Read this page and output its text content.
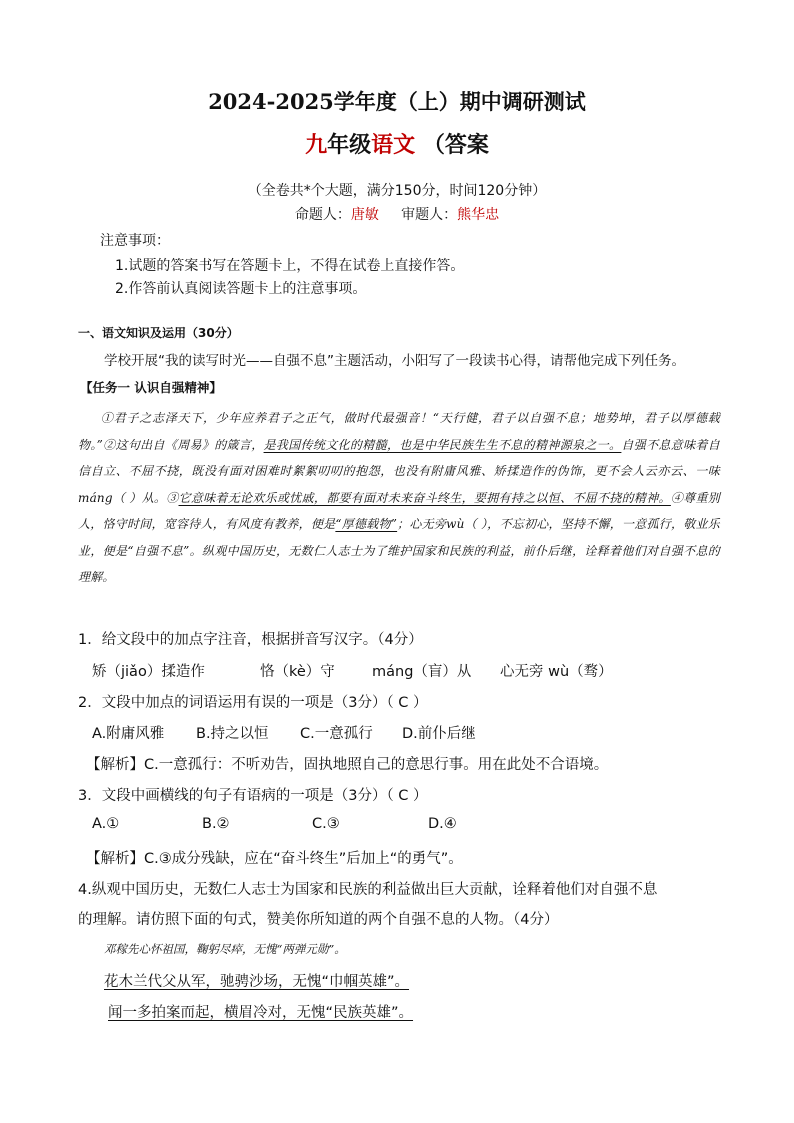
2024-2025学年度（上）期中调研测试
九年级语文 （答案
（全卷共*个大题，满分150分，时间120分钟）
命题人：唐敏 审题人：熊华忠
注意事项：
1.试题的答案书写在答题卡上，不得在试卷上直接作答。
2.作答前认真阅读答题卡上的注意事项。
一、语文知识及运用（30分）
学校开展“我的读写时光——自强不息”主题活动，小阳写了一段读书心得，请帮他完成下列任务。
【任务一 认识自强精神】
①君子之志泽天下，少年应养君子之正气，做时代最强音！“天行健，君子以自强不息；地势坤，君子以厚德载物。”②这句出自《周易》的箴言，是我国传统文化的精髓，也是中华民族生生不息的精神源泉之一。自强不息意味着自信自立、不屈不挠，既没有面对困难时絮絮叨叨的抱怨，也没有附庸风雅、矫揉造作的伪饰，更不会人云亦云、一味máng（ ）从。③它意味着无论欢乐或忧戚，都要有面对未来奋斗终生，要拥有持之以恒、不屈不挠的精神。④尊重别人，恪守时间，宽容待人，有风度有教养，便是“厚德载物”；心无旁wù（ ），不忘初心，坚持不懈，一意孤行，敬业乐业，便是“自强不息”。纵观中国历史，无数仁人志士为了维护国家和民族的利益，前仆后继，诠释着他们对自强不息的理解。
1．给文段中的加点字注音，根据拼音写汉字。（4分）
矫（jiǎo）揉造作	恪（kè）守	máng（盲）从 心无旁 wù（骛）
2．文段中加点的词语运用有误的一项是（3分）（ C ）
A.附庸风雅 B.持之以恒 C.一意孤行 D.前仆后继
【解析】C.一意孤行：不听劝告，固执地照自己的意思行事。用在此处不合语境。
3．文段中画横线的句子有语病的一项是（3分）（ C ）
A.①	B.②	C.③	D.④
【解析】C.③成分残缺，应在“奋斗终生”后加上“的勇气”。
4.纵观中国历史，无数仁人志士为国家和民族的利益做出巨大贡献，诠释着他们对自强不息
的理解。请仿照下面的句式，赞美你所知道的两个自强不息的人物。（4分）
邓稼先心怀祖国，鞠躬尽瘁，无愧“两弹元勋”。
花木兰代父从军，驰骋沙场，无愧“巾帼英雄”。
闻一多拍案而起，横眉冷对，无愧“民族英雄”。
